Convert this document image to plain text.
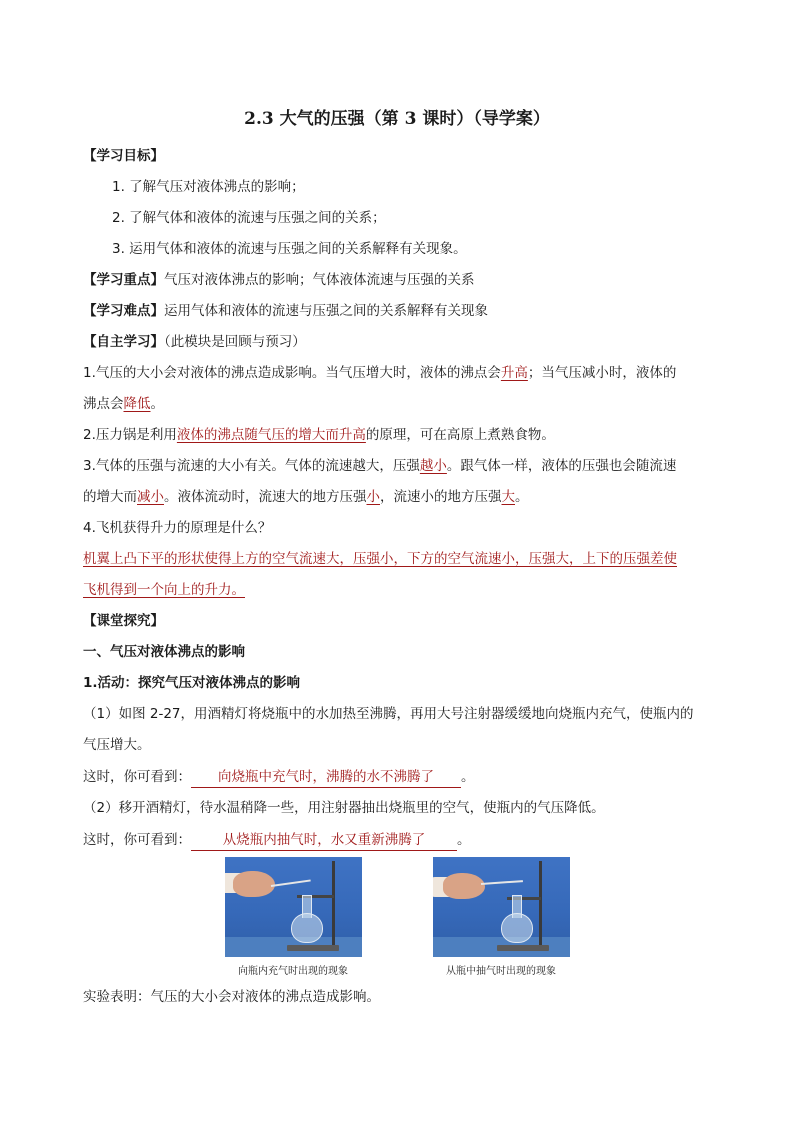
2.3 大气的压强（第 3 课时）（导学案）
【学习目标】
1. 了解气压对液体沸点的影响；
2. 了解气体和液体的流速与压强之间的关系；
3. 运用气体和液体的流速与压强之间的关系解释有关现象。
【学习重点】气压对液体沸点的影响；气体液体流速与压强的关系
【学习难点】运用气体和液体的流速与压强之间的关系解释有关现象
【自主学习】（此模块是回顾与预习）
1.气压的大小会对液体的沸点造成影响。当气压增大时，液体的沸点会升高；当气压减小时，液体的
沸点会降低。
2.压力锅是利用液体的沸点随气压的增大而升高的原理，可在高原上煮熟食物。
3.气体的压强与流速的大小有关。气体的流速越大，压强越小。跟气体一样，液体的压强也会随流速
的增大而减小。液体流动时，流速大的地方压强小，流速小的地方压强大。
4.飞机获得升力的原理是什么？
机翼上凸下平的形状使得上方的空气流速大，压强小，下方的空气流速小，压强大，上下的压强差使
飞机得到一个向上的升力。
【课堂探究】
一、气压对液体沸点的影响
1.活动：探究气压对液体沸点的影响
（1）如图 2-27，用酒精灯将烧瓶中的水加热至沸腾，再用大号注射器缓缓地向烧瓶内充气，使瓶内的
气压增大。
这时，你可看到： 向烧瓶中充气时，沸腾的水不沸腾了 。
（2）移开酒精灯，待水温稍降一些，用注射器抽出烧瓶里的空气，使瓶内的气压降低。
这时，你可看到： 从烧瓶内抽气时，水又重新沸腾了 。
向瓶内充气时出现的现象	从瓶中抽气时出现的现象
实验表明：气压的大小会对液体的沸点造成影响。
